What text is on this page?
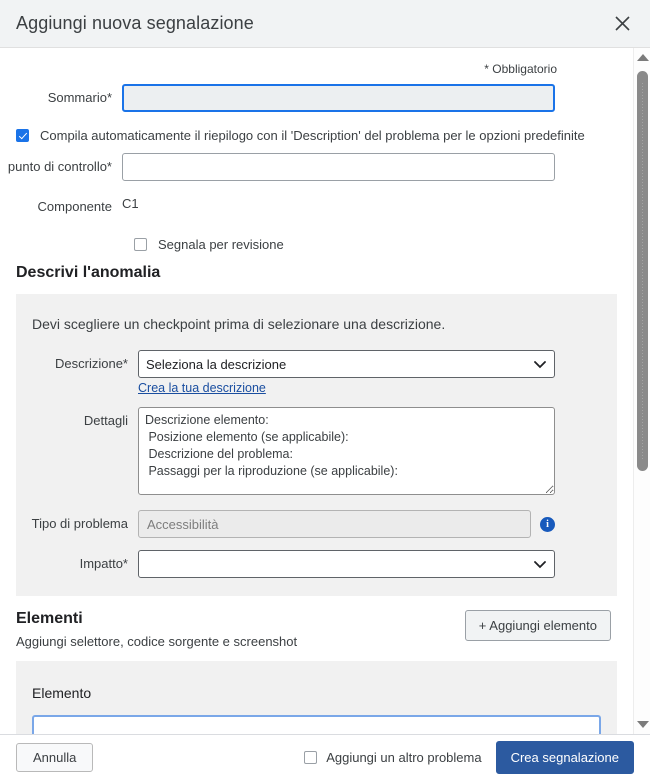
Aggiungi nuova segnalazione
* Obbligatorio
Sommario*
Compila automaticamente il riepilogo con il 'Description' del problema per le opzioni predefinite
punto di controllo*
Componente C1
Segnala per revisione
Descrivi l'anomalia
Devi scegliere un checkpoint prima di selezionare una descrizione.
Descrizione*
Seleziona la descrizione
Crea la tua descrizione
Dettagli
Descrizione elemento: Posizione elemento (se applicabile): Descrizione del problema: Passaggi per la riproduzione (se applicabile):
Tipo di problema	Accessibilità	i
Impatto*
Elementi
Aggiungi selettore, codice sorgente e screenshot
+ Aggiungi elemento
Elemento
Annulla	Aggiungi un altro problema	Crea segnalazione
